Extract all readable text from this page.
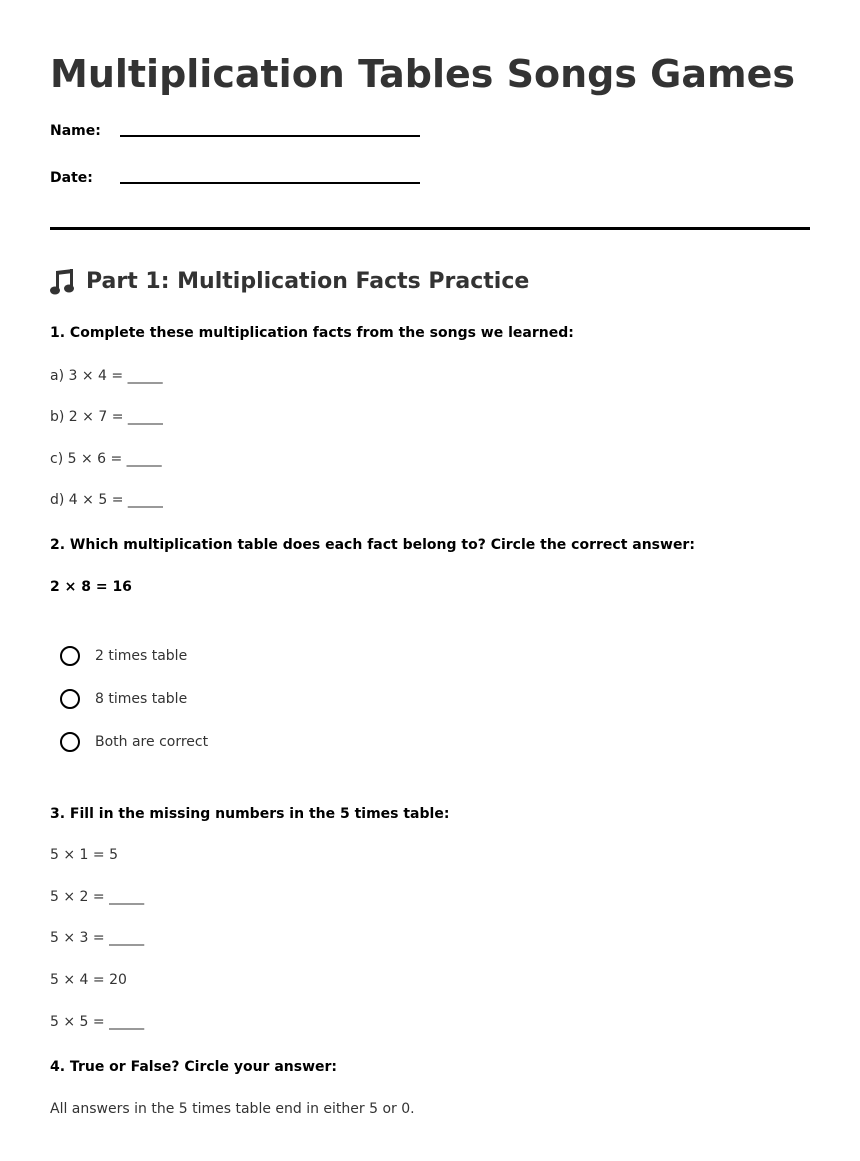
Multiplication Tables Songs Games
Name:
Date:
Part 1: Multiplication Facts Practice
1. Complete these multiplication facts from the songs we learned:
a) 3 × 4 = _____
b) 2 × 7 = _____
c) 5 × 6 = _____
d) 4 × 5 = _____
2. Which multiplication table does each fact belong to? Circle the correct answer:
2 × 8 = 16
2 times table
8 times table
Both are correct
3. Fill in the missing numbers in the 5 times table:
5 × 1 = 5
5 × 2 = _____
5 × 3 = _____
5 × 4 = 20
5 × 5 = _____
4. True or False? Circle your answer:
All answers in the 5 times table end in either 5 or 0.
